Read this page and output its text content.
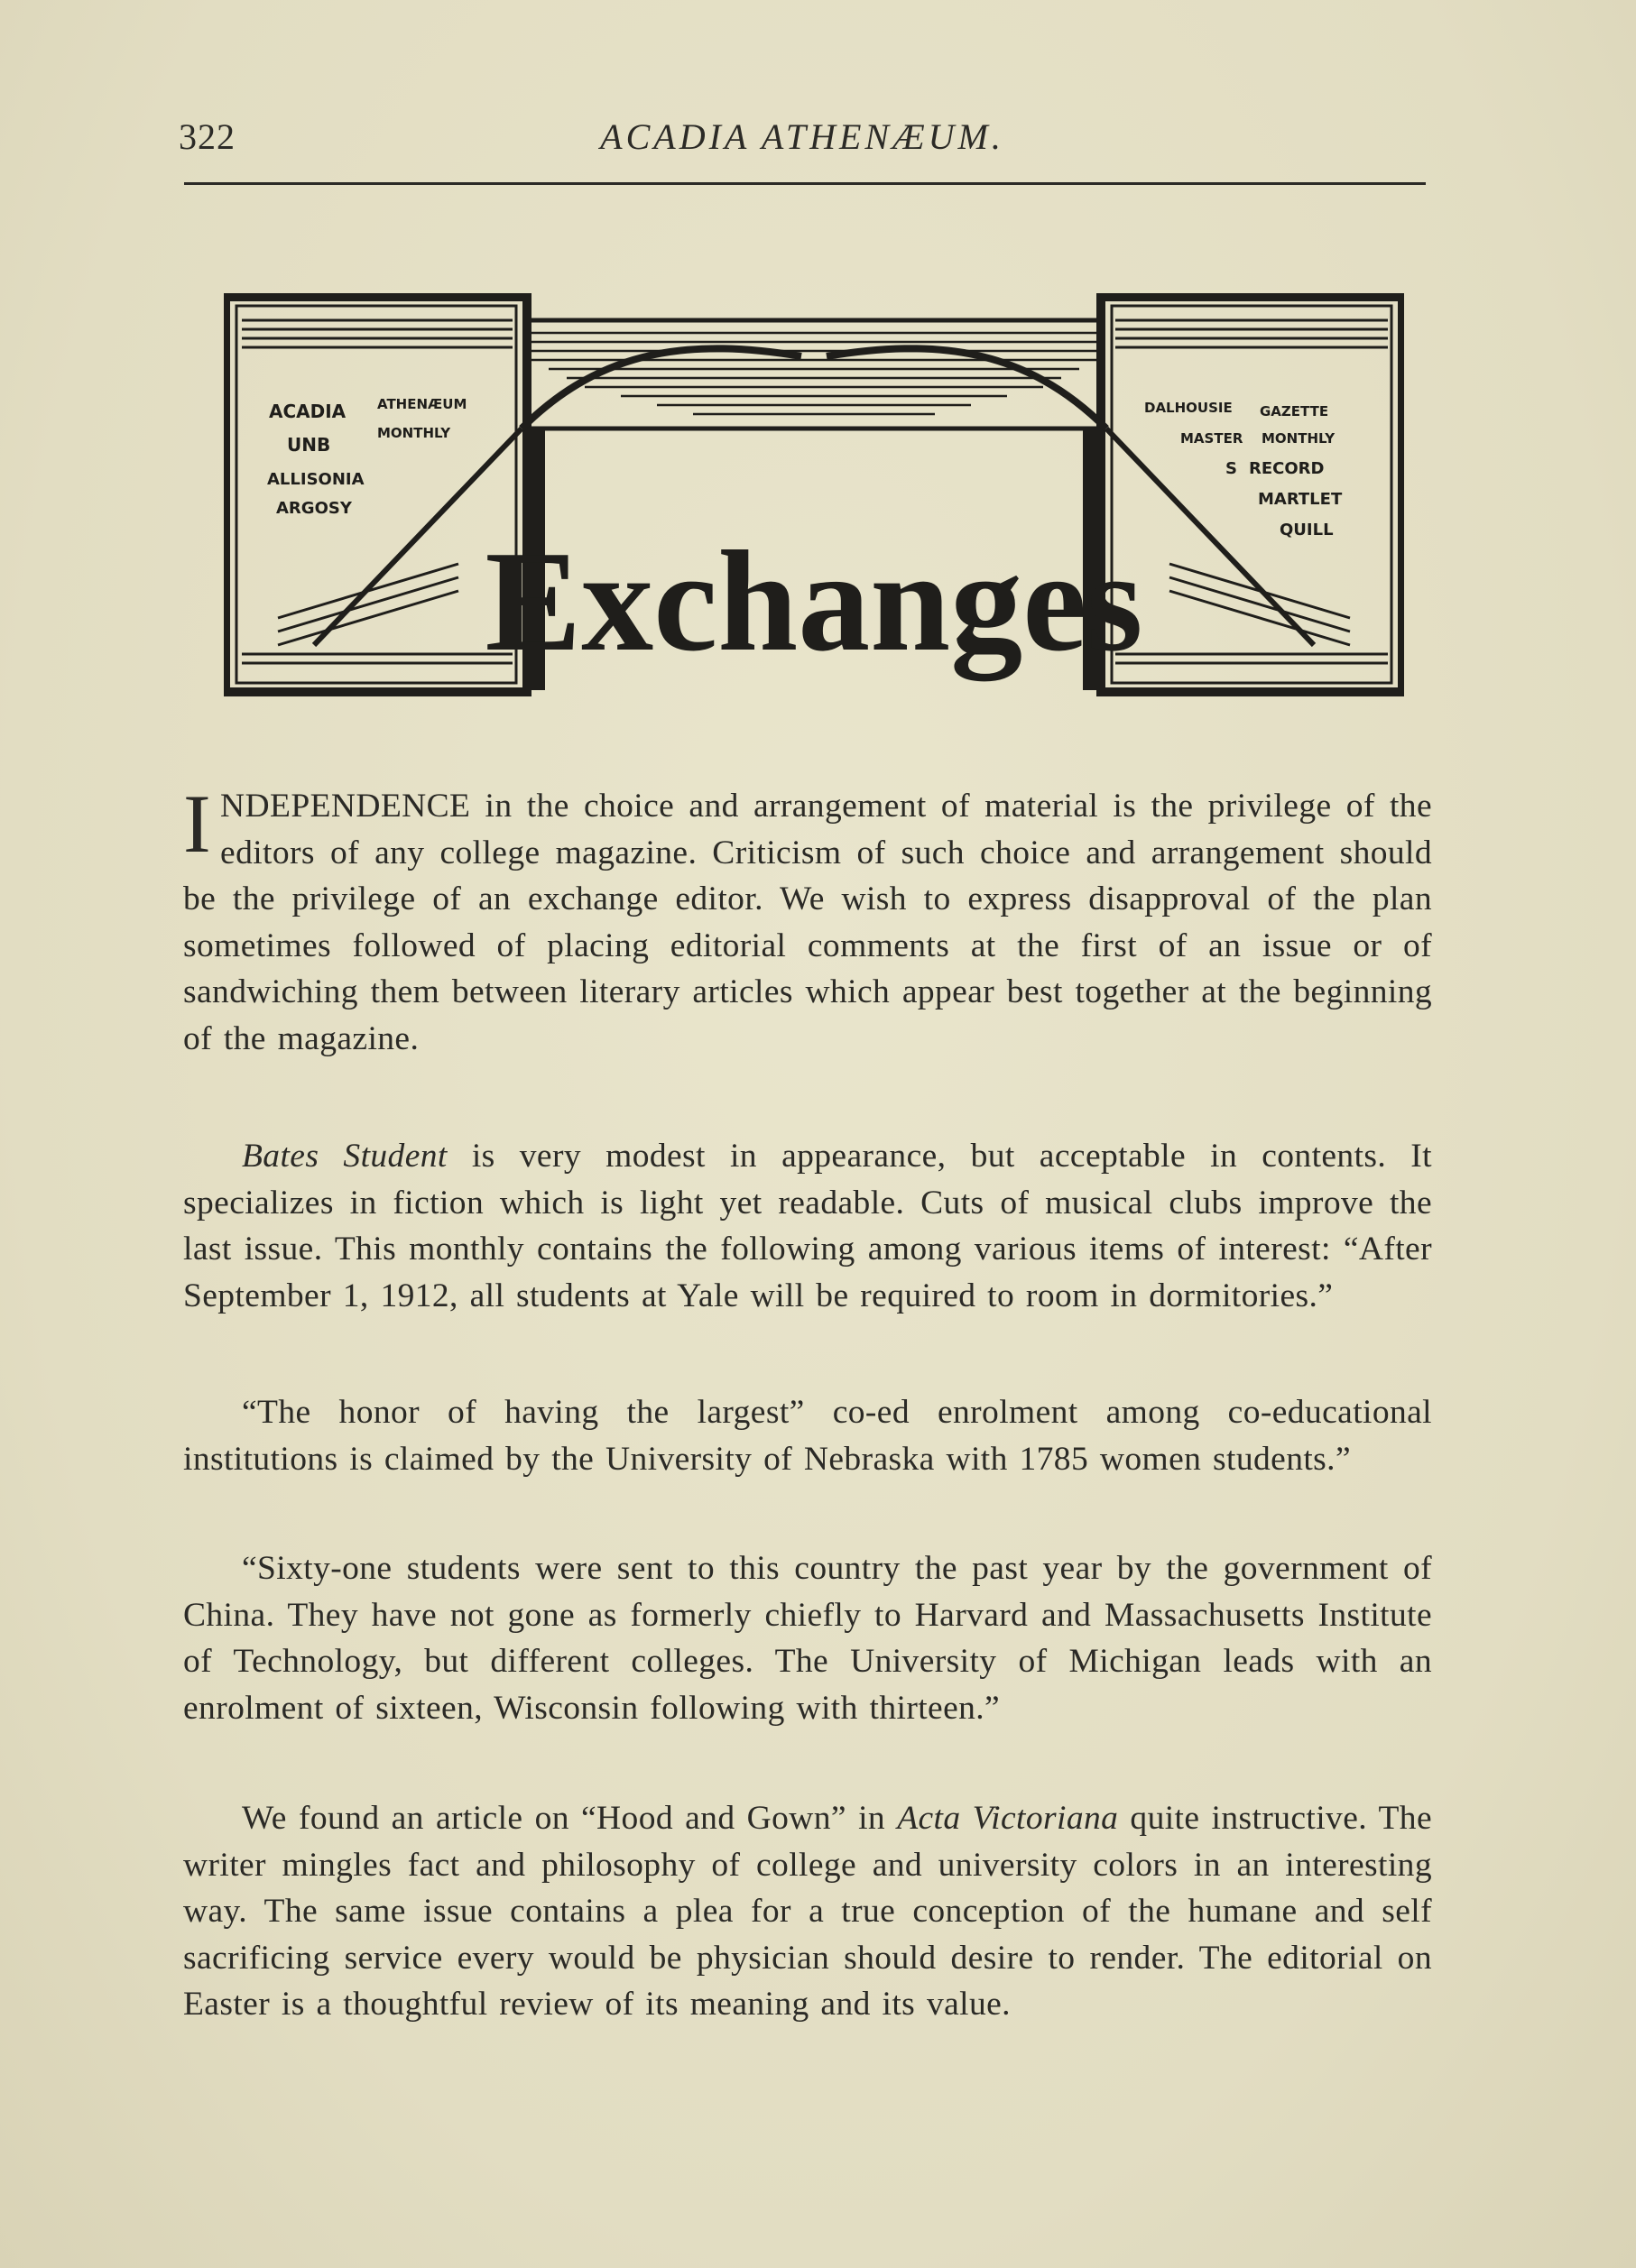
322	ACADIA ATHENÆUM.
ACADIA ATHENÆUM
UNB
MONTHLY
ALLISONIA
ARGOSY
DALHOUSIE GAZETTE
MASTER MONTHLY
S RECORD
MARTLET
QUILL
Exchanges
INDEPENDENCE in the choice and arrangement of material is the privilege of the editors of any college magazine. Criticism of such choice and arrangement should be the privilege of an exchange editor. We wish to express disapproval of the plan sometimes followed of placing editorial comments at the first of an issue or of sandwiching them between literary articles which appear best together at the beginning of the magazine.
Bates Student is very modest in appearance, but acceptable in contents. It specializes in fiction which is light yet readable. Cuts of musical clubs improve the last issue. This monthly contains the following among various items of interest: “After September 1, 1912, all students at Yale will be required to room in dormitories.”
“The honor of having the largest” co-ed enrolment among co-educational institutions is claimed by the University of Nebraska with 1785 women students.”
“Sixty-one students were sent to this country the past year by the government of China. They have not gone as formerly chiefly to Harvard and Massachusetts Institute of Technology, but different colleges. The University of Michigan leads with an enrolment of sixteen, Wisconsin following with thirteen.”
We found an article on “Hood and Gown” in Acta Victoriana quite instructive. The writer mingles fact and philosophy of college and university colors in an interesting way. The same issue contains a plea for a true conception of the humane and self sacrificing service every would be physician should desire to render. The editorial on Easter is a thoughtful review of its meaning and its value.
